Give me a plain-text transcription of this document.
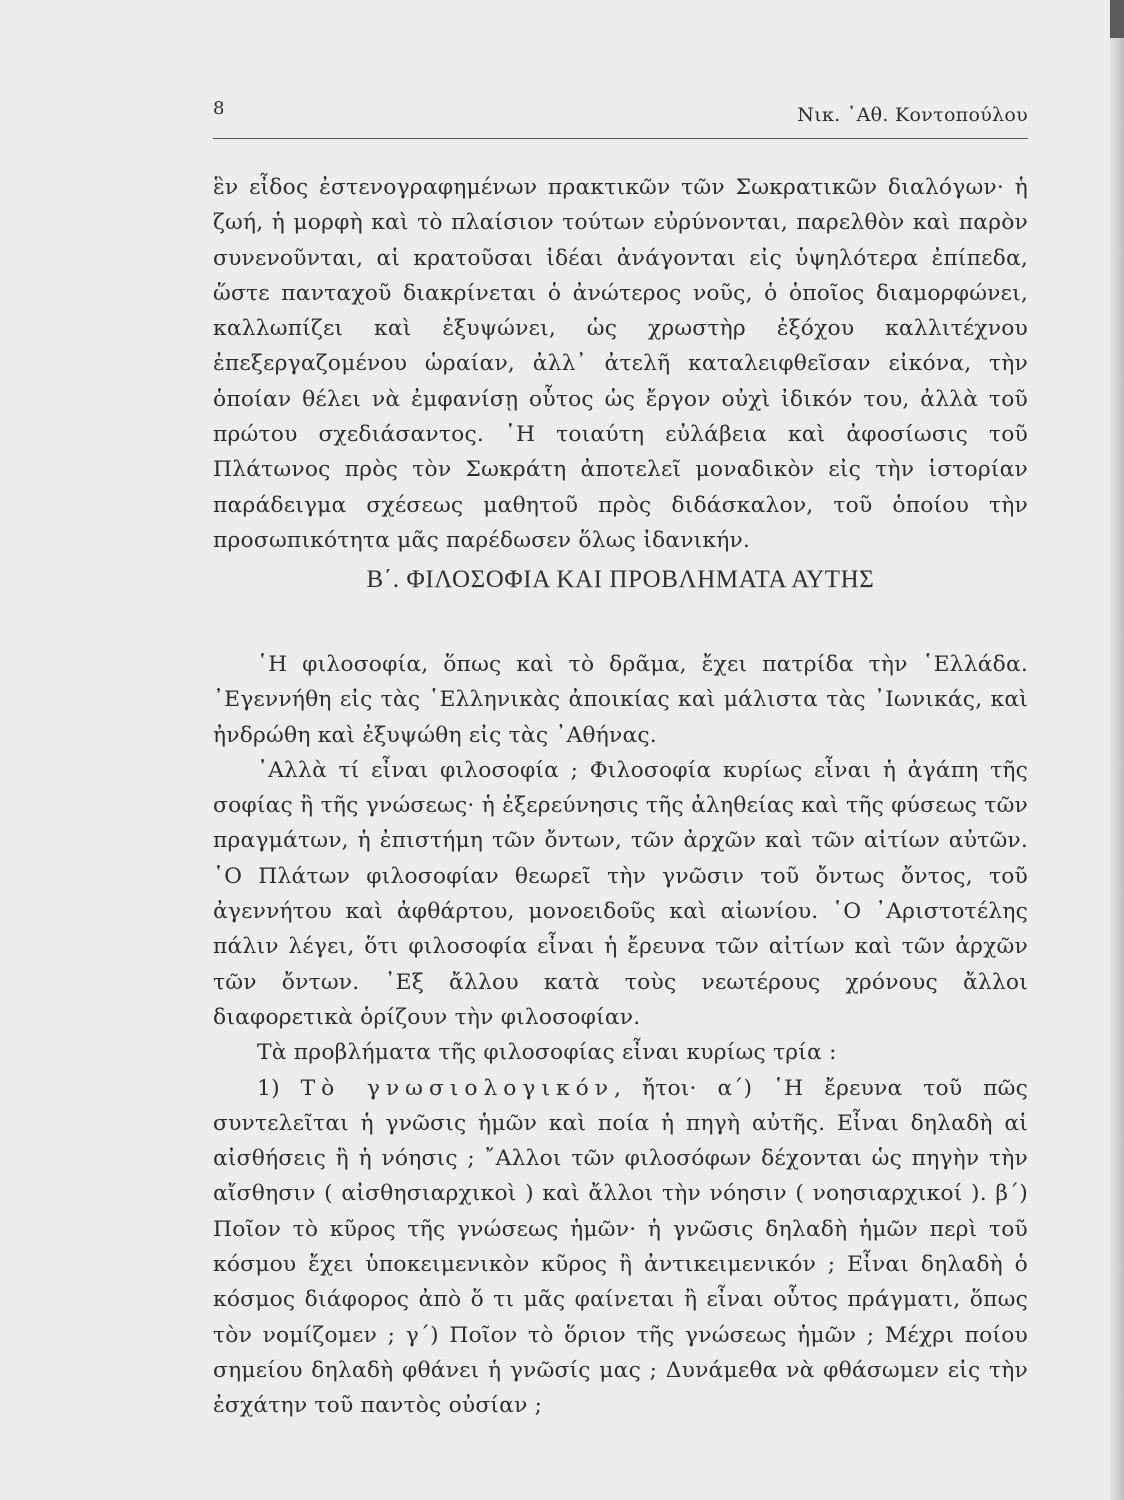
8	Νικ. ᾿Αθ. Κοντοπούλου

ἓν εἶδος ἐστενογραφημένων πρακτικῶν τῶν Σωκρατικῶν διαλόγων· ἡ ζωή, ἡ μορφὴ καὶ τὸ πλαίσιον τούτων εὐρύνονται, παρελθὸν καὶ παρὸν συνενοῦνται, αἱ κρατοῦσαι ἰδέαι ἀνάγονται εἰς ὑψηλότερα ἐπίπεδα, ὥστε πανταχοῦ διακρίνεται ὁ ἀνώτερος νοῦς, ὁ ὁποῖος διαμορφώνει, καλλωπίζει καὶ ἐξυψώνει, ὡς χρωστὴρ ἐξόχου καλλιτέχνου ἐπεξεργαζομένου ὡραίαν, ἀλλ᾿ ἀτελῆ καταλειφθεῖσαν εἰκόνα, τὴν ὁποίαν θέλει νὰ ἐμφανίσῃ οὗτος ὡς ἔργον οὐχὶ ἰδικόν του, ἀλλὰ τοῦ πρώτου σχεδιάσαντος. ῾Η τοιαύτη εὐλάβεια καὶ ἀφοσίωσις τοῦ Πλάτωνος πρὸς τὸν Σωκράτη ἀποτελεῖ μοναδικὸν εἰς τὴν ἱστορίαν παράδειγμα σχέσεως μαθητοῦ πρὸς διδάσκαλον, τοῦ ὁποίου τὴν προσωπικότητα μᾶς παρέδωσεν ὅλως ἰδανικήν.

Β΄. ΦΙΛΟΣΟΦΙΑ ΚΑΙ ΠΡΟΒΛΗΜΑΤΑ ΑΥΤΗΣ

῾Η φιλοσοφία, ὅπως καὶ τὸ δρᾶμα, ἔχει πατρίδα τὴν ῾Ελλάδα. ᾿Εγεννήθη εἰς τὰς ῾Ελληνικὰς ἀποικίας καὶ μάλιστα τὰς ᾿Ιωνικάς, καὶ ἠνδρώθη καὶ ἐξυψώθη εἰς τὰς ᾿Αθήνας.

᾿Αλλὰ τί εἶναι φιλοσοφία ; Φιλοσοφία κυρίως εἶναι ἡ ἀγάπη τῆς σοφίας ἢ τῆς γνώσεως· ἡ ἐξερεύνησις τῆς ἀληθείας καὶ τῆς φύσεως τῶν πραγμάτων, ἡ ἐπιστήμη τῶν ὄντων, τῶν ἀρχῶν καὶ τῶν αἰτίων αὐτῶν. ῾Ο Πλάτων φιλοσοφίαν θεωρεῖ τὴν γνῶσιν τοῦ ὄντως ὄντος, τοῦ ἀγεννήτου καὶ ἀφθάρτου, μονοειδοῦς καὶ αἰωνίου. ῾Ο ᾿Αριστοτέλης πάλιν λέγει, ὅτι φιλοσοφία εἶναι ἡ ἔρευνα τῶν αἰτίων καὶ τῶν ἀρχῶν τῶν ὄντων. ᾿Εξ ἄλλου κατὰ τοὺς νεωτέρους χρόνους ἄλλοι διαφορετικὰ ὁρίζουν τὴν φιλοσοφίαν.

Τὰ προβλήματα τῆς φιλοσοφίας εἶναι κυρίως τρία :

1) Τὸ γνωσιολογικόν, ἤτοι· α΄) ῾Η ἔρευνα τοῦ πῶς συντελεῖται ἡ γνῶσις ἡμῶν καὶ ποία ἡ πηγὴ αὐτῆς. Εἶναι δηλαδὴ αἱ αἰσθήσεις ἢ ἡ νόησις ; ῎Αλλοι τῶν φιλοσόφων δέχονται ὡς πηγὴν τὴν αἴσθησιν ( αἰσθησιαρχικοὶ ) καὶ ἄλλοι τὴν νόησιν ( νοησιαρχικοί ). β΄) Ποῖον τὸ κῦρος τῆς γνώσεως ἡμῶν· ἡ γνῶσις δηλαδὴ ἡμῶν περὶ τοῦ κόσμου ἔχει ὑποκειμενικὸν κῦρος ἢ ἀντικειμενικόν ; Εἶναι δηλαδὴ ὁ κόσμος διάφορος ἀπὸ ὅ τι μᾶς φαίνεται ἢ εἶναι οὗτος πράγματι, ὅπως τὸν νομίζομεν ; γ΄) Ποῖον τὸ ὅριον τῆς γνώσεως ἡμῶν ; Μέχρι ποίου σημείου δηλαδὴ φθάνει ἡ γνῶσίς μας ; Δυνάμεθα νὰ φθάσωμεν εἰς τὴν ἐσχάτην τοῦ παντὸς οὐσίαν ;
